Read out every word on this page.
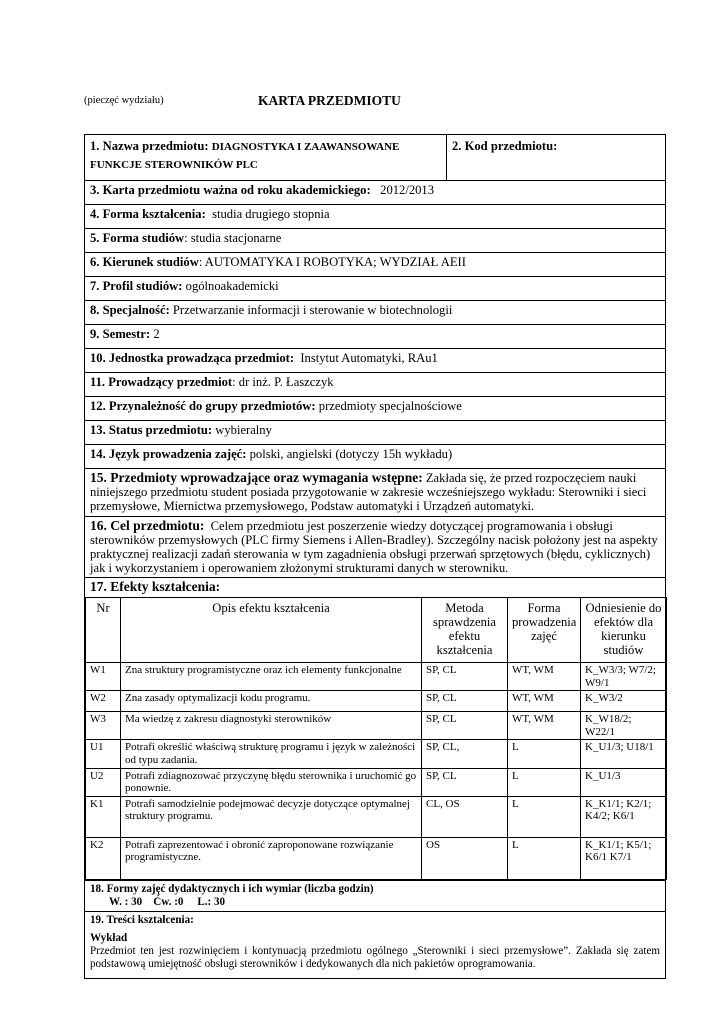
(pieczęć wydziału)	KARTA PRZEDMIOTU
1. Nazwa przedmiotu: DIAGNOSTYKA I ZAAWANSOWANE
FUNKCJE STEROWNIKÓW PLC	2. Kod przedmiotu:
3. Karta przedmiotu ważna od roku akademickiego: 2012/2013
4. Forma kształcenia: studia drugiego stopnia
5. Forma studiów: studia stacjonarne
6. Kierunek studiów: AUTOMATYKA I ROBOTYKA; WYDZIAŁ AEII
7. Profil studiów: ogólnoakademicki
8. Specjalność: Przetwarzanie informacji i sterowanie w biotechnologii
9. Semestr: 2
10. Jednostka prowadząca przedmiot: Instytut Automatyki, RAu1
11. Prowadzący przedmiot: dr inż. P. Łaszczyk
12. Przynależność do grupy przedmiotów: przedmioty specjalnościowe
13. Status przedmiotu: wybieralny
14. Język prowadzenia zajęć: polski, angielski (dotyczy 15h wykładu)
15. Przedmioty wprowadzające oraz wymagania wstępne: Zakłada się, że przed rozpoczęciem nauki niniejszego przedmiotu student posiada przygotowanie w zakresie wcześniejszego wykładu: Sterowniki i sieci przemysłowe, Miernictwa przemysłowego, Podstaw automatyki i Urządzeń automatyki.
16. Cel przedmiotu: Celem przedmiotu jest poszerzenie wiedzy dotyczącej programowania i obsługi sterowników przemysłowych (PLC firmy Siemens i Allen-Bradley). Szczególny nacisk położony jest na aspekty praktycznej realizacji zadań sterowania w tym zagadnienia obsługi przerwań sprzętowych (błędu, cyklicznych) jak i wykorzystaniem i operowaniem złożonymi strukturami danych w sterowniku.

17. Efekty kształcenia:
Nr	Opis efektu kształcenia	Metoda sprawdzenia efektu kształcenia	Forma prowadzenia zajęć	Odniesienie do efektów dla kierunku studiów
W1	Zna struktury programistyczne oraz ich elementy funkcjonalne	SP, CL	WT, WM	K_W3/3; W7/2; W9/1
W2	Zna zasady optymalizacji kodu programu.	SP, CL	WT, WM	K_W3/2
W3	Ma wiedzę z zakresu diagnostyki sterowników	SP, CL	WT, WM	K_W18/2; W22/1
U1	Potrafi określić właściwą strukturę programu i język w zależności od typu zadania.	SP, CL,	L	K_U1/3; U18/1
U2	Potrafi zdiagnozować przyczynę błędu sterownika i uruchomić go ponownie.	SP, CL	L	K_U1/3
K1	Potrafi samodzielnie podejmować decyzje dotyczące optymalnej struktury programu.	CL, OS	L	K_K1/1; K2/1; K4/2; K6/1
K2	Potrafi zaprezentować i obronić zaproponowane rozwiązanie programistyczne.	OS	L	K_K1/1; K5/1; K6/1 K7/1

18. Formy zajęć dydaktycznych i ich wymiar (liczba godzin)
W. : 30    Ćw. :0     L.: 30

19. Treści kształcenia:
Wykład
Przedmiot ten jest rozwinięciem i kontynuacją przedmiotu ogólnego „Sterowniki i sieci przemysłowe”. Zakłada się zatem podstawową umiejętność obsługi sterowników i dedykowanych dla nich pakietów oprogramowania.
